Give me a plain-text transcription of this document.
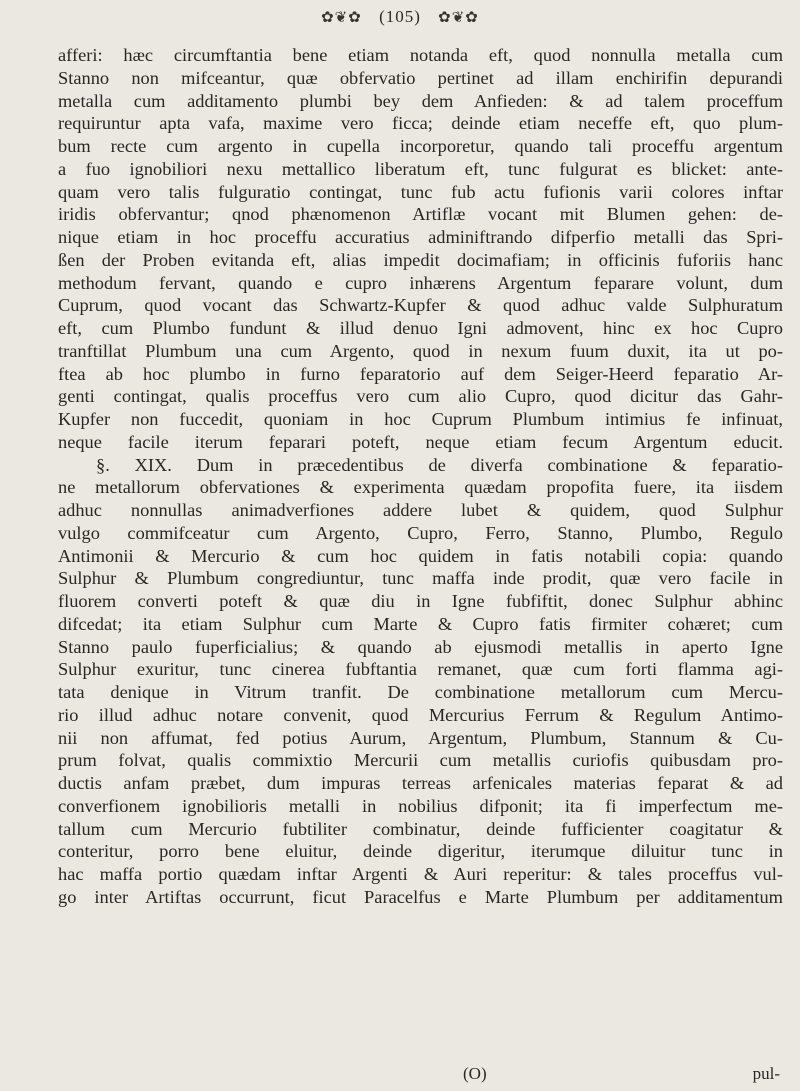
✿❦✿ (105) ✿❦✿
afferi: hæc circumftantia bene etiam notanda eft, quod nonnulla metalla cum
Stanno non mifceantur, quæ obfervatio pertinet ad illam enchirifin depurandi
metalla cum additamento plumbi bey dem Anfieden: & ad talem proceffum
requiruntur apta vafa, maxime vero ficca; deinde etiam neceffe eft, quo plum-
bum recte cum argento in cupella incorporetur, quando tali proceffu argentum
a fuo ignobiliori nexu mettallico liberatum eft, tunc fulgurat es blicket: ante-
quam vero talis fulguratio contingat, tunc fub actu fufionis varii colores inftar
iridis obfervantur; qnod phænomenon Artiflæ vocant mit Blumen gehen: de-
nique etiam in hoc proceffu accuratius adminiftrando difperfio metalli das Spri-
ßen der Proben evitanda eft, alias impedit docimafiam; in officinis fuforiis hanc
methodum fervant, quando e cupro inhærens Argentum feparare volunt, dum
Cuprum, quod vocant das Schwartz-Kupfer & quod adhuc valde Sulphuratum
eft, cum Plumbo fundunt & illud denuo Igni admovent, hinc ex hoc Cupro
tranftillat Plumbum una cum Argento, quod in nexum fuum duxit, ita ut po-
ftea ab hoc plumbo in furno feparatorio auf dem Seiger-Heerd feparatio Ar-
genti contingat, qualis proceffus vero cum alio Cupro, quod dicitur das Gahr-
Kupfer non fuccedit, quoniam in hoc Cuprum Plumbum intimius fe infinuat,
neque facile iterum feparari poteft, neque etiam fecum Argentum educit.
§. XIX. Dum in præcedentibus de diverfa combinatione & feparatio-
ne metallorum obfervationes & experimenta quædam propofita fuere, ita iisdem
adhuc nonnullas animadverfiones addere lubet & quidem, quod Sulphur
vulgo commifceatur cum Argento, Cupro, Ferro, Stanno, Plumbo, Regulo
Antimonii & Mercurio & cum hoc quidem in fatis notabili copia: quando
Sulphur & Plumbum congrediuntur, tunc maffa inde prodit, quæ vero facile in
fluorem converti poteft & quæ diu in Igne fubfiftit, donec Sulphur abhinc
difcedat; ita etiam Sulphur cum Marte & Cupro fatis firmiter cohæret; cum
Stanno paulo fuperficialius; & quando ab ejusmodi metallis in aperto Igne
Sulphur exuritur, tunc cinerea fubftantia remanet, quæ cum forti flamma agi-
tata denique in Vitrum tranfit. De combinatione metallorum cum Mercu-
rio illud adhuc notare convenit, quod Mercurius Ferrum & Regulum Antimo-
nii non affumat, fed potius Aurum, Argentum, Plumbum, Stannum & Cu-
prum folvat, qualis commixtio Mercurii cum metallis curiofis quibusdam pro-
ductis anfam præbet, dum impuras terreas arfenicales materias feparat & ad
converfionem ignobilioris metalli in nobilius difponit; ita fi imperfectum me-
tallum cum Mercurio fubtiliter combinatur, deinde fufficienter coagitatur &
conteritur, porro bene eluitur, deinde digeritur, iterumque diluitur tunc in
hac maffa portio quædam inftar Argenti & Auri reperitur: & tales proceffus vul-
go inter Artiftas occurrunt, ficut Paracelfus e Marte Plumbum per additamentum
(O)	pul-
